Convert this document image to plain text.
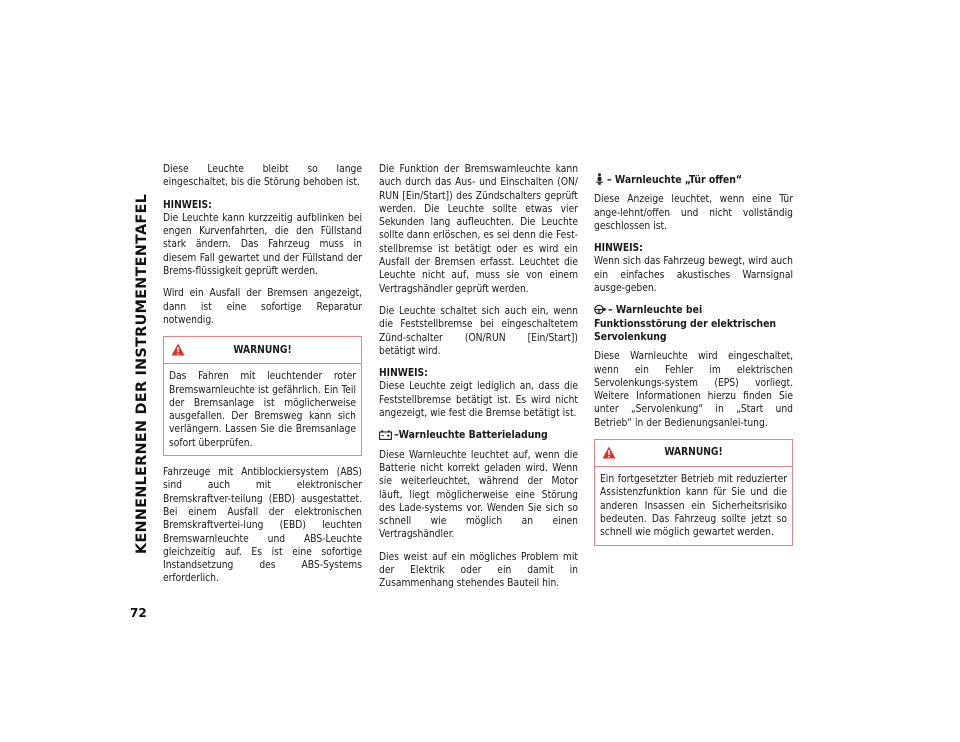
KENNENLERNEN DER INSTRUMENTENTAFEL
72

Diese Leuchte bleibt so lange eingeschaltet, bis die Störung behoben ist.

HINWEIS:
Die Leuchte kann kurzzeitig aufblinken bei engen Kurvenfahrten, die den Füllstand stark ändern. Das Fahrzeug muss in diesem Fall gewartet und der Füllstand der Brems-flüssigkeit geprüft werden.

Wird ein Ausfall der Bremsen angezeigt, dann ist eine sofortige Reparatur notwendig.

WARNUNG!
Das Fahren mit leuchtender roter Bremswarnleuchte ist gefährlich. Ein Teil der Bremsanlage ist möglicherweise ausgefallen. Der Bremsweg kann sich verlängern. Lassen Sie die Bremsanlage sofort überprüfen.

Fahrzeuge mit Antiblockiersystem (ABS) sind auch mit elektronischer Bremskraftver-teilung (EBD) ausgestattet. Bei einem Ausfall der elektronischen Bremskraftvertei-lung (EBD) leuchten Bremswarnleuchte und ABS-Leuchte gleichzeitig auf. Es ist eine sofortige Instandsetzung des ABS-Systems erforderlich.

Die Funktion der Bremswarnleuchte kann auch durch das Aus- und Einschalten (ON/ RUN [Ein/Start]) des Zündschalters geprüft werden. Die Leuchte sollte etwas vier Sekunden lang aufleuchten. Die Leuchte sollte dann erlöschen, es sei denn die Fest-stellbremse ist betätigt oder es wird ein Ausfall der Bremsen erfasst. Leuchtet die Leuchte nicht auf, muss sie von einem Vertragshändler geprüft werden.

Die Leuchte schaltet sich auch ein, wenn die Feststellbremse bei eingeschaltetem Zünd-schalter (ON/RUN [Ein/Start]) betätigt wird.

HINWEIS:
Diese Leuchte zeigt lediglich an, dass die Feststellbremse betätigt ist. Es wird nicht angezeigt, wie fest die Bremse betätigt ist.
–Warnleuchte Batterieladung

Diese Warnleuchte leuchtet auf, wenn die Batterie nicht korrekt geladen wird. Wenn sie weiterleuchtet, während der Motor läuft, liegt möglicherweise eine Störung des Lade-systems vor. Wenden Sie sich so schnell wie möglich an einen Vertragshändler.

Dies weist auf ein mögliches Problem mit der Elektrik oder ein damit in Zusammenhang stehendes Bauteil hin.

– Warnleuchte „Tür offen“

Diese Anzeige leuchtet, wenn eine Tür ange-lehnt/offen und nicht vollständig geschlossen ist.

HINWEIS:
Wenn sich das Fahrzeug bewegt, wird auch ein einfaches akustisches Warnsignal ausge-geben.
– Warnleuchte bei Funktionsstörung der elektrischen Servolenkung

Diese Warnleuchte wird eingeschaltet, wenn ein Fehler im elektrischen Servolenkungs-system (EPS) vorliegt. Weitere Informationen hierzu finden Sie unter „Servolenkung“ in „Start und Betrieb“ in der Bedienungsanlei-tung.

WARNUNG!
Ein fortgesetzter Betrieb mit reduzierter Assistenzfunktion kann für Sie und die anderen Insassen ein Sicherheitsrisiko bedeuten. Das Fahrzeug sollte jetzt so schnell wie möglich gewartet werden.
